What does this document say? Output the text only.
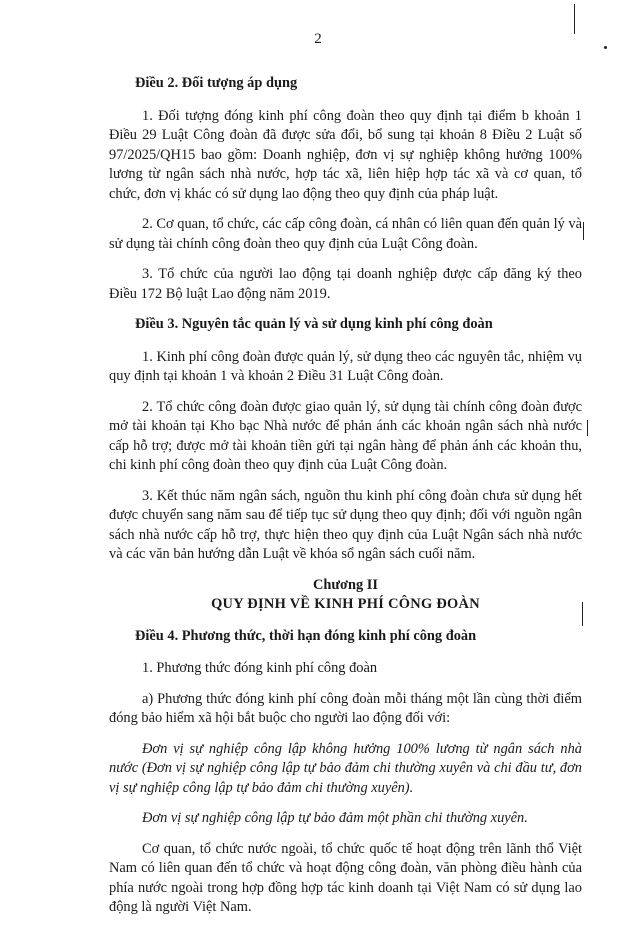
2

Điều 2. Đối tượng áp dụng

1. Đối tượng đóng kinh phí công đoàn theo quy định tại điểm b khoản 1 Điều 29 Luật Công đoàn đã được sửa đổi, bổ sung tại khoản 8 Điều 2 Luật số 97/2025/QH15 bao gồm: Doanh nghiệp, đơn vị sự nghiệp không hưởng 100% lương từ ngân sách nhà nước, hợp tác xã, liên hiệp hợp tác xã và cơ quan, tổ chức, đơn vị khác có sử dụng lao động theo quy định của pháp luật.

2. Cơ quan, tổ chức, các cấp công đoàn, cá nhân có liên quan đến quản lý và sử dụng tài chính công đoàn theo quy định của Luật Công đoàn.

3. Tổ chức của người lao động tại doanh nghiệp được cấp đăng ký theo Điều 172 Bộ luật Lao động năm 2019.

Điều 3. Nguyên tắc quản lý và sử dụng kinh phí công đoàn

1. Kinh phí công đoàn được quản lý, sử dụng theo các nguyên tắc, nhiệm vụ quy định tại khoản 1 và khoản 2 Điều 31 Luật Công đoàn.

2. Tổ chức công đoàn được giao quản lý, sử dụng tài chính công đoàn được mở tài khoản tại Kho bạc Nhà nước để phản ánh các khoản ngân sách nhà nước cấp hỗ trợ; được mở tài khoản tiền gửi tại ngân hàng để phản ánh các khoản thu, chi kinh phí công đoàn theo quy định của Luật Công đoàn.

3. Kết thúc năm ngân sách, nguồn thu kinh phí công đoàn chưa sử dụng hết được chuyển sang năm sau để tiếp tục sử dụng theo quy định; đối với nguồn ngân sách nhà nước cấp hỗ trợ, thực hiện theo quy định của Luật Ngân sách nhà nước và các văn bản hướng dẫn Luật về khóa sổ ngân sách cuối năm.

Chương II

QUY ĐỊNH VỀ KINH PHÍ CÔNG ĐOÀN

Điều 4. Phương thức, thời hạn đóng kinh phí công đoàn

1. Phương thức đóng kinh phí công đoàn

a) Phương thức đóng kinh phí công đoàn mỗi tháng một lần cùng thời điểm đóng bảo hiểm xã hội bắt buộc cho người lao động đối với:

Đơn vị sự nghiệp công lập không hưởng 100% lương từ ngân sách nhà nước (Đơn vị sự nghiệp công lập tự bảo đảm chi thường xuyên và chi đầu tư, đơn vị sự nghiệp công lập tự bảo đảm chi thường xuyên).

Đơn vị sự nghiệp công lập tự bảo đảm một phần chi thường xuyên.

Cơ quan, tổ chức nước ngoài, tổ chức quốc tế hoạt động trên lãnh thổ Việt Nam có liên quan đến tổ chức và hoạt động công đoàn, văn phòng điều hành của phía nước ngoài trong hợp đồng hợp tác kinh doanh tại Việt Nam có sử dụng lao động là người Việt Nam.
